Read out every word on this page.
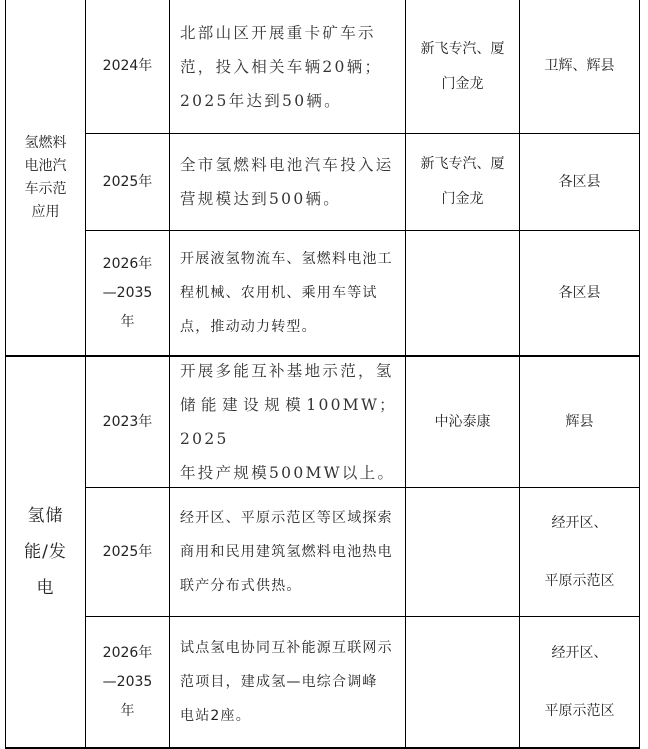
氢燃料
电池汽
车示范
应用
2024年
北部山区开展重卡矿车示
范，投入相关车辆20辆；
2025年达到50辆。
新飞专汽、厦
门金龙
卫辉、辉县
2025年
全市氢燃料电池汽车投入运
营规模达到500辆。
新飞专汽、厦
门金龙
各区县
2026年
—2035
年
开展液氢物流车、氢燃料电池工
程机械、农用机、乘用车等试
点，推动动力转型。
各区县
氢储
能/发
电
2023年
开展多能互补基地示范，氢
储能建设规模100MW；2025
年投产规模500MW以上。
中沁泰康	辉县
2025年
经开区、平原示范区等区域探索
商用和民用建筑氢燃料电池热电
联产分布式供热。
经开区、
平原示范区
2026年
—2035
年
试点氢电协同互补能源互联网示
范项目，建成氢—电综合调峰
电站2座。
经开区、
平原示范区
